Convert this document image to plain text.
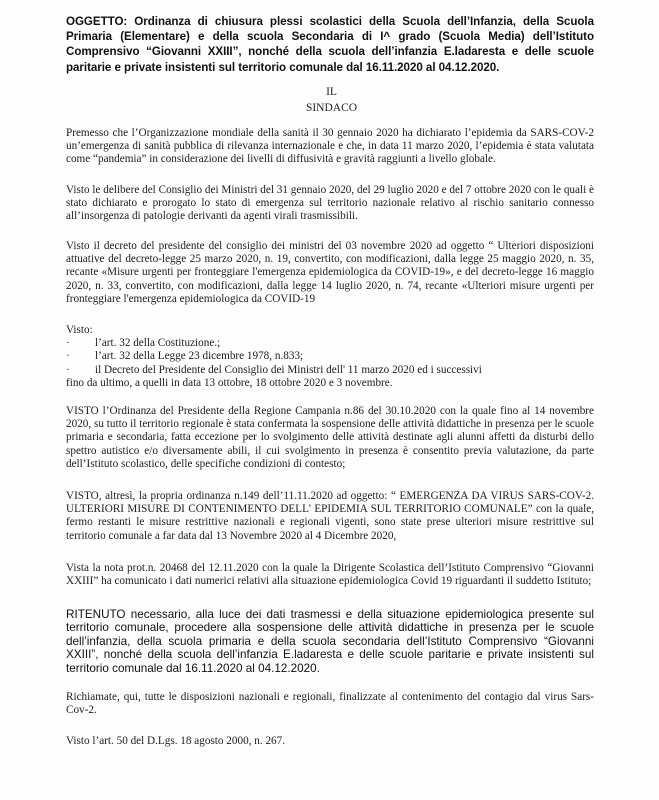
OGGETTO: Ordinanza di chiusura plessi scolastici della Scuola dell’Infanzia, della Scuola Primaria (Elementare) e della scuola Secondaria di I^ grado (Scuola Media) dell’Istituto Comprensivo “Giovanni XXIII”, nonché della scuola dell’infanzia E.ladaresta e delle scuole paritarie e private insistenti sul territorio comunale dal 16.11.2020 al 04.12.2020.
IL
SINDACO
Premesso che l’Organizzazione mondiale della sanità il 30 gennaio 2020 ha dichiarato l’epidemia da SARS-COV-2 un’emergenza di sanità pubblica di rilevanza internazionale e che, in data 11 marzo 2020, l’epidemia è stata valutata come “pandemia” in considerazione dei livelli di diffusività e gravità raggiunti a livello globale.
Visto le delibere del Consiglio dei Ministri del 31 gennaio 2020, del 29 luglio 2020 e del 7 ottobre 2020 con le quali è stato dichiarato e prorogato lo stato di emergenza sul territorio nazionale relativo al rischio sanitario connesso all’insorgenza di patologie derivanti da agenti virali trasmissibili.
Visto il decreto del presidente del consiglio dei ministri del 03 novembre 2020 ad oggetto “ Ulteriori disposizioni attuative del decreto-legge 25 marzo 2020, n. 19, convertito, con modificazioni, dalla legge 25 maggio 2020, n. 35, recante «Misure urgenti per fronteggiare l'emergenza epidemiologica da COVID-19», e del decreto-legge 16 maggio 2020, n. 33, convertito, con modificazioni, dalla legge 14 luglio 2020, n. 74, recante «Ulteriori misure urgenti per fronteggiare l'emergenza epidemiologica da COVID-19
Visto:
·	l’art. 32 della Costituzione.;
·	l’art. 32 della Legge 23 dicembre 1978, n.833;
·	il Decreto del Presidente del Consiglio dei Ministri dell' 11 marzo 2020 ed i successivi
fino da ultimo, a quelli in data 13 ottobre, 18 ottobre 2020 e 3 novembre.
VISTO l’Ordinanza del Presidente della Regione Campania n.86 del 30.10.2020 con la quale fino al 14 novembre 2020, su tutto il territorio regionale è stata confermata la sospensione delle attività didattiche in presenza per le scuole primaria e secondaria, fatta eccezione per lo svolgimento delle attività destinate agli alunni affetti da disturbi dello spettro autistico e/o diversamente abili, il cui svolgimento in presenza è consentito previa valutazione, da parte dell’Istituto scolastico, delle specifiche condizioni di contesto;
VISTO, altresì, la propria ordinanza n.149 dell’11.11.2020 ad oggetto: “ EMERGENZA DA VIRUS SARS-COV-2. ULTERIORI MISURE DI CONTENIMENTO DELL' EPIDEMIA SUL TERRITORIO COMUNALE” con la quale, fermo restanti le misure restrittive nazionali e regionali vigenti, sono state prese ulteriori misure restrittive sul territorio comunale a far data dal 13 Novembre 2020 al 4 Dicembre 2020,
Vista la nota prot.n. 20468 del 12.11.2020 con la quale la Dirigente Scolastica dell’Istituto Comprensivo “Giovanni XXIII” ha comunicato i dati numerici relativi alla situazione epidemiologica Covid 19 riguardanti il suddetto Istituto;
RITENUTO necessario, alla luce dei dati trasmessi e della situazione epidemiologica presente sul territorio comunale, procedere alla sospensione delle attività didattiche in presenza per le scuole dell’infanzia, della scuola primaria e della scuola secondaria dell’Istituto Comprensivo “Giovanni XXIII”, nonché della scuola dell’infanzia E.ladaresta e delle scuole paritarie e private insistenti sul territorio comunale dal 16.11.2020 al 04.12.2020.
Richiamate, qui, tutte le disposizioni nazionali e regionali, finalizzate al contenimento del contagio dal virus Sars-Cov-2.
Visto l’art. 50 del D.Lgs. 18 agosto 2000, n. 267.
